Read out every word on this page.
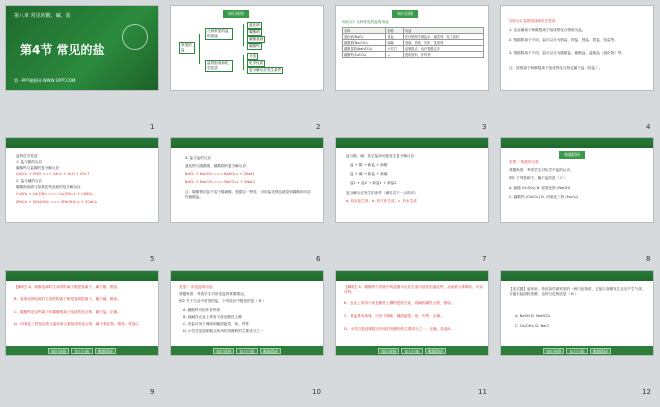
第八章 常见的酸、碱、盐
第4节 常见的盐
第一PPT模板网-WWW.1PPT.COM
1
知识网络
常见的盐
几种常见的盐的用途
盐的组成和化学性质
氯化钠
碳酸钠
碳酸氢钠
碳酸钙
分类
化学性质
复分解反应发生条件
2
知识回顾
知识点1 几种常见的盐的用途
名称	俗称	用途
氯化钠(NaCl)	食盐	医疗配制生理盐水、融雪剂、化工原料
碳酸钠(Na₂CO₃)	纯碱	玻璃、造纸、纺织、洗涤剂
碳酸氢钠(NaHCO₃)	小苏打	焙制糕点、治疗胃酸过多
碳酸钙(CaCO₃)	—	建筑材料、补钙剂
3
知识点2 盐的组成和化学性质
1. 由金属离子和酸根离子组成的化合物称为盐。
2. 根据阳离子不同，盐可以分为钠盐、钾盐、镁盐、铁盐、铵盐等。
3. 根据阴离子不同，盐可以分为碳酸盐、硫酸盐、盐酸盐（氯化物）等。
注：铵根离子和酸根离子组成的化合物也属于盐（铵盐）。
4
盐的化学性质：
1. 盐与酸的反应
碳酸钙与盐酸的复分解反应：
CaCO₃ + 2HCl === CaCl₂ + H₂O + CO₂↑
2. 盐与碱的反应
碳酸钠溶液与氢氧化钙溶液的复分解反应：
CuSO₄ + Ca(OH)₂ === Cu(OH)₂↓ + CaSO₄
2FeCl₃ + 3Ca(OH)₂ === 2Fe(OH)₃↓ + 3CaCl₂
5
3. 盐与盐的反应
氯化钡与硫酸钠、碳酸钠的复分解反应：
BaCl₂ + Na₂SO₄ === BaSO₄↓ + 2NaCl
BaCl₂ + Na₂CO₃ === BaCO₃↓ + 2NaCl
注：碳酸钡沉淀不溶于稀硝酸，根据这一特性，可用盐化钡溶液鉴别碳酸和可溶性硫酸盐。
6
盐与酸、碱、其它盐间可能发生复分解反应：
盐 + 酸 → 新盐 + 新酸
盐 + 碱 → 新盐 + 新碱
盐1 + 盐2 → 新盐1 + 新盐2
复分解反应发生的条件（满足以下一点即可）
a. 有沉淀生成；b. 有气体生成；c. 有水生成
7
典题精研
类型一 物质的分类
命题角度：考查学生对化学中盐的认识。
例1 下列物质中，属于盐的是（ C ）
A. 硫酸 (H₂SO₄) B. 氢氧化钠 (NaOH)
C. 碳酸钙 (CaCO₃) D. 四氧化三铁 (Fe₃O₄)
8
【解析】A、硫酸电离时生成的阳离子都是氢离子，属于酸，错误。
B、氢氧化钠电离时生成的阴离子都是氢氧根离子，属于碱，错误。
C、碳酸钙是由钙离子和碳酸根离子组成的化合物，属于盐，正确。
D、四氧化三铁是由铁元素和氧元素组成的化合物，属于氧化物，错误。故选C。
知识网络	知识回顾	典题精研
9
类型二 常见盐的用途
命题角度：考查学生对常见盐的掌握情况。
例2 关于生活中常见的盐，下列说法中错误的是（ B ）
A. 碳酸钙可用作补钙剂
B. 纯碱在农业上常用于改良酸性土壤
C. 食盐可用于调味和腌渍蔬菜、鱼、肉等
D. 小苏打是焙制糕点所用的发酵粉的主要成分之一
知识网络	知识回顾	典题精研
10
【解析】A、碳酸钙与胃液中的盐酸可反应生成可溶性的氯化钙，从而被人体吸收，可以补钙。
B、农业上常用于改良酸性土壤的是熟石灰，纯碱的碱性太强，错误。
C、食盐具有咸味，可用于调味、腌渍蔬菜、鱼、肉等，正确。
D、小苏打是焙制糕点所用的发酵粉的主要成分之一，正确。故选B。
知识网络	知识回顾	典题精研
11
【变式题】厨房里，传说条件最常见的一种白色物质，它能与食醋发生反应产生气体，又能引起面粉发酵，这种白色物质是（ B ）
A. NaOH B. NaHCO₃
C. Ca(OH)₂ D. NaCl
知识网络	知识回顾	典题精研
12
